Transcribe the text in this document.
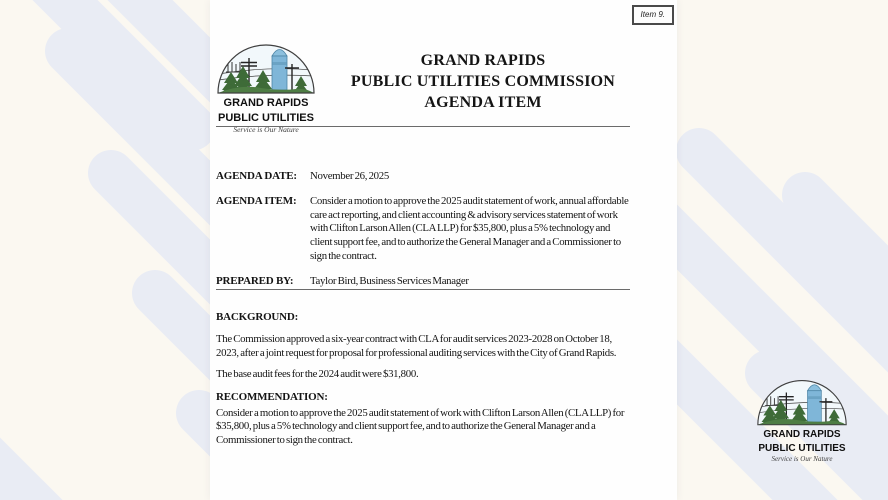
GRAND RAPIDS
PUBLIC UTILITIES
Service is Our Nature
Item 9.
GRAND RAPIDS
PUBLIC UTILITIES
Service is Our Nature
GRAND RAPIDS
PUBLIC UTILITIES COMMISSION
AGENDA ITEM
AGENDA DATE:	November 26, 2025
AGENDA ITEM:	Consider a motion to approve the 2025 audit statement of work, annual affordable care act reporting, and client accounting & advisory services statement of work with Clifton Larson Allen (CLA LLP) for $35,800, plus a 5% technology and client support fee, and to authorize the General Manager and a Commissioner to sign the contract.
PREPARED BY:	Taylor Bird, Business Services Manager
BACKGROUND:

The Commission approved a six-year contract with CLA for audit services 2023-2028 on October 18, 2023, after a joint request for proposal for professional auditing services with the City of Grand Rapids.

The base audit fees for the 2024 audit were $31,800.

RECOMMENDATION:

Consider a motion to approve the 2025 audit statement of work with Clifton Larson Allen (CLA LLP) for $35,800, plus a 5% technology and client support fee, and to authorize the General Manager and a Commissioner to sign the contract.
